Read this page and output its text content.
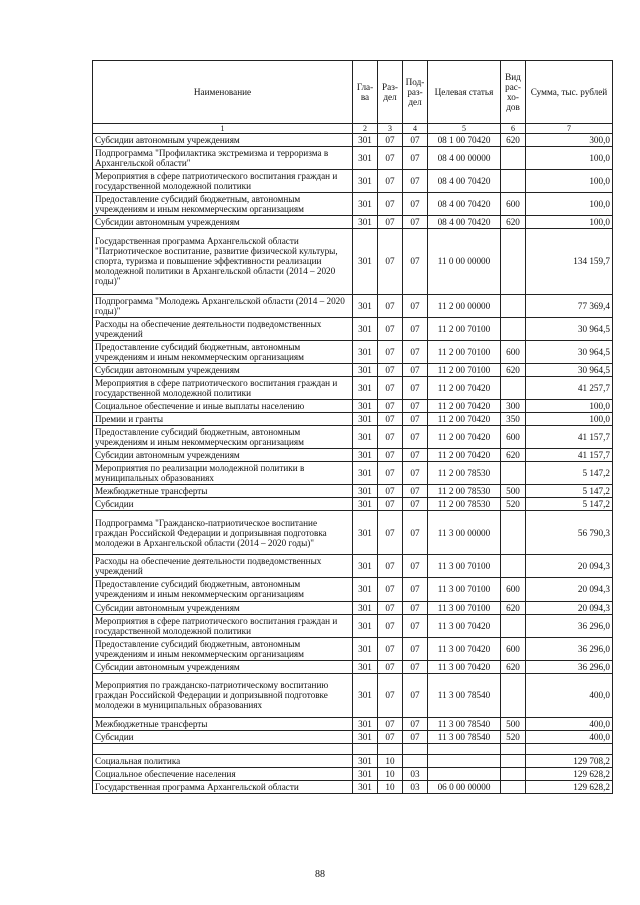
Наименование	Гла-ва	Раз-дел	Под-раз-дел	Целевая статья	Вид рас-хо-дов	Сумма, тыс. рублей
1	2	3	4	5	6	7
Субсидии автономным учреждениям	301	07	07	08 1 00 70420	620	300,0
Подпрограмма "Профилактика экстремизма и терроризма в Архангельской области"	301	07	07	08 4 00 00000		100,0
Мероприятия в сфере патриотического воспитания граждан и государственной молодежной политики	301	07	07	08 4 00 70420		100,0
Предоставление субсидий бюджетным, автономным учреждениям и иным некоммерческим организациям	301	07	07	08 4 00 70420	600	100,0
Субсидии автономным учреждениям	301	07	07	08 4 00 70420	620	100,0
Государственная программа Архангельской области "Патриотическое воспитание, развитие физической культуры, спорта, туризма и повышение эффективности реализации молодежной политики в Архангельской области (2014 – 2020 годы)"	301	07	07	11 0 00 00000		134 159,7
Подпрограмма "Молодежь Архангельской области (2014 – 2020 годы)"	301	07	07	11 2 00 00000		77 369,4
Расходы на обеспечение деятельности подведомственных учреждений	301	07	07	11 2 00 70100		30 964,5
Предоставление субсидий бюджетным, автономным учреждениям и иным некоммерческим организациям	301	07	07	11 2 00 70100	600	30 964,5
Субсидии автономным учреждениям	301	07	07	11 2 00 70100	620	30 964,5
Мероприятия в сфере патриотического воспитания граждан и государственной молодежной политики	301	07	07	11 2 00 70420		41 257,7
Социальное обеспечение и иные выплаты населению	301	07	07	11 2 00 70420	300	100,0
Премии и гранты	301	07	07	11 2 00 70420	350	100,0
Предоставление субсидий бюджетным, автономным учреждениям и иным некоммерческим организациям	301	07	07	11 2 00 70420	600	41 157,7
Субсидии автономным учреждениям	301	07	07	11 2 00 70420	620	41 157,7
Мероприятия по реализации молодежной политики в муниципальных образованиях	301	07	07	11 2 00 78530		5 147,2
Межбюджетные трансферты	301	07	07	11 2 00 78530	500	5 147,2
Субсидии	301	07	07	11 2 00 78530	520	5 147,2
Подпрограмма "Гражданско-патриотическое воспитание граждан Российской Федерации и допризывная подготовка молодежи в Архангельской области (2014 – 2020 годы)"	301	07	07	11 3 00 00000		56 790,3
Расходы на обеспечение деятельности подведомственных учреждений	301	07	07	11 3 00 70100		20 094,3
Предоставление субсидий бюджетным, автономным учреждениям и иным некоммерческим организациям	301	07	07	11 3 00 70100	600	20 094,3
Субсидии автономным учреждениям	301	07	07	11 3 00 70100	620	20 094,3
Мероприятия в сфере патриотического воспитания граждан и государственной молодежной политики	301	07	07	11 3 00 70420		36 296,0
Предоставление субсидий бюджетным, автономным учреждениям и иным некоммерческим организациям	301	07	07	11 3 00 70420	600	36 296,0
Субсидии автономным учреждениям	301	07	07	11 3 00 70420	620	36 296,0
Мероприятия по гражданско-патриотическому воспитанию граждан Российской Федерации и допризывной подготовке молодежи в муниципальных образованиях	301	07	07	11 3 00 78540		400,0
Межбюджетные трансферты	301	07	07	11 3 00 78540	500	400,0
Субсидии	301	07	07	11 3 00 78540	520	400,0

Социальная политика	301	10				129 708,2
Социальное обеспечение населения	301	10	03			129 628,2
Государственная программа Архангельской области	301	10	03	06 0 00 00000		129 628,2
88
